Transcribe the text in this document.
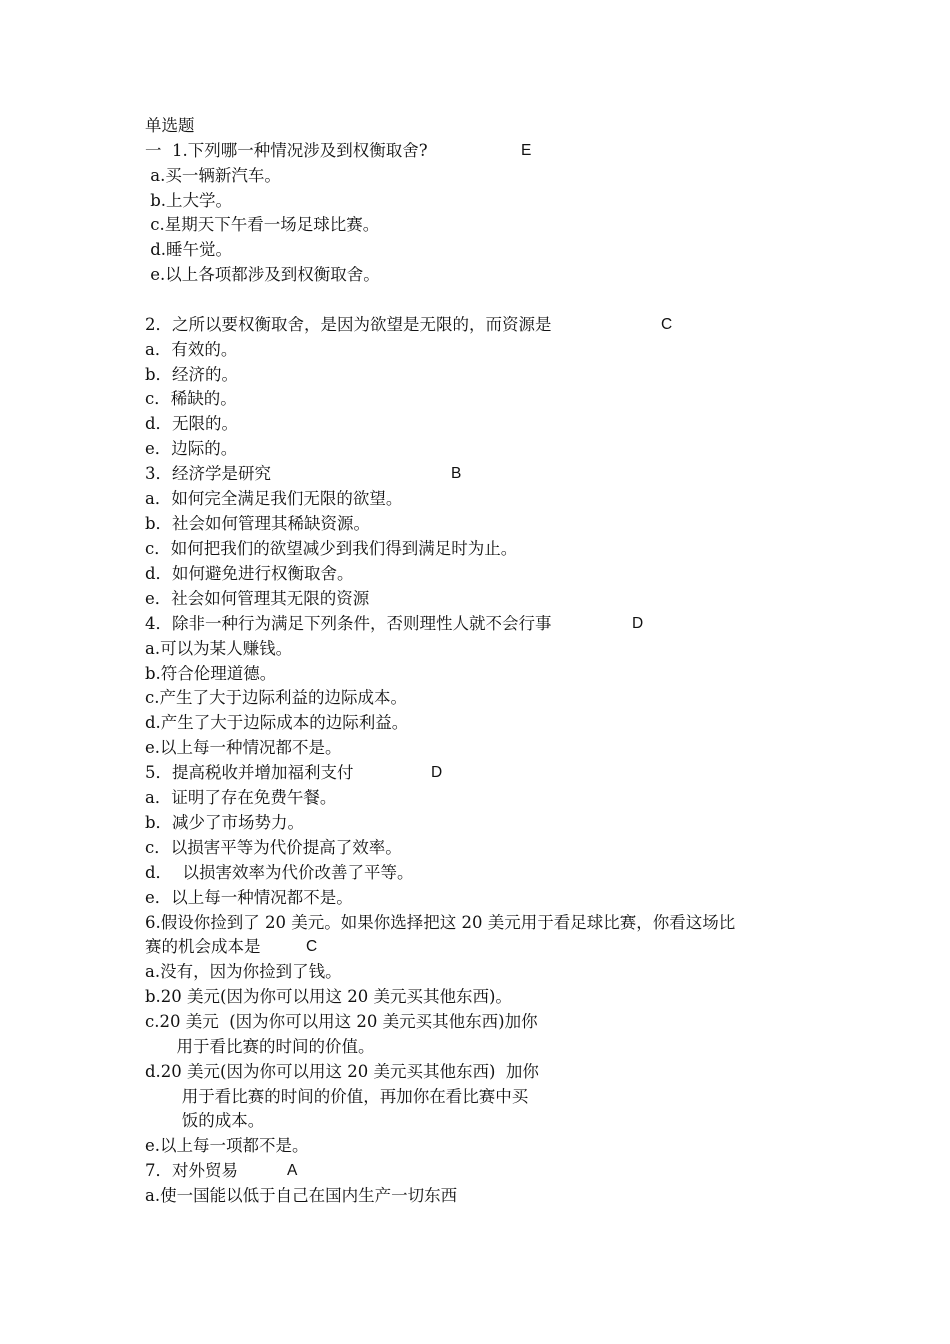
单选题
一  1.下列哪一种情况涉及到权衡取舍?	E
a.买一辆新汽车。
b.上大学。
c.星期天下午看一场足球比赛。
d.睡午觉。
e.以上各项都涉及到权衡取舍。
2．之所以要权衡取舍，是因为欲望是无限的，而资源是	C
a．有效的。
b．经济的。
c．稀缺的。
d．无限的。
e．边际的。
3．经济学是研究	B
a．如何完全满足我们无限的欲望。
b．社会如何管理其稀缺资源。
c．如何把我们的欲望减少到我们得到满足时为止。
d．如何避免进行权衡取舍。
e．社会如何管理其无限的资源
4．除非一种行为满足下列条件，否则理性人就不会行事	D
a.可以为某人赚钱。
b.符合伦理道德。
c.产生了大于边际利益的边际成本。
d.产生了大于边际成本的边际利益。
e.以上每一种情况都不是。
5．提高税收并增加福利支付	D
a．证明了存在免费午餐。
b．减少了市场势力。
c．以损害平等为代价提高了效率。
d．  以损害效率为代价改善了平等。
e．以上每一种情况都不是。
6.假设你捡到了 20 美元。如果你选择把这 20 美元用于看足球比赛，你看这场比
赛的机会成本是	C
a.没有，因为你捡到了钱。
b.20 美元(因为你可以用这 20 美元买其他东西)。
c.20 美元  (因为你可以用这 20 美元买其他东西)加你
用于看比赛的时间的价值。
d.20 美元(因为你可以用这 20 美元买其他东西)  加你
用于看比赛的时间的价值，再加你在看比赛中买
饭的成本。
e.以上每一项都不是。
7．对外贸易	A
a.使一国能以低于自己在国内生产一切东西
